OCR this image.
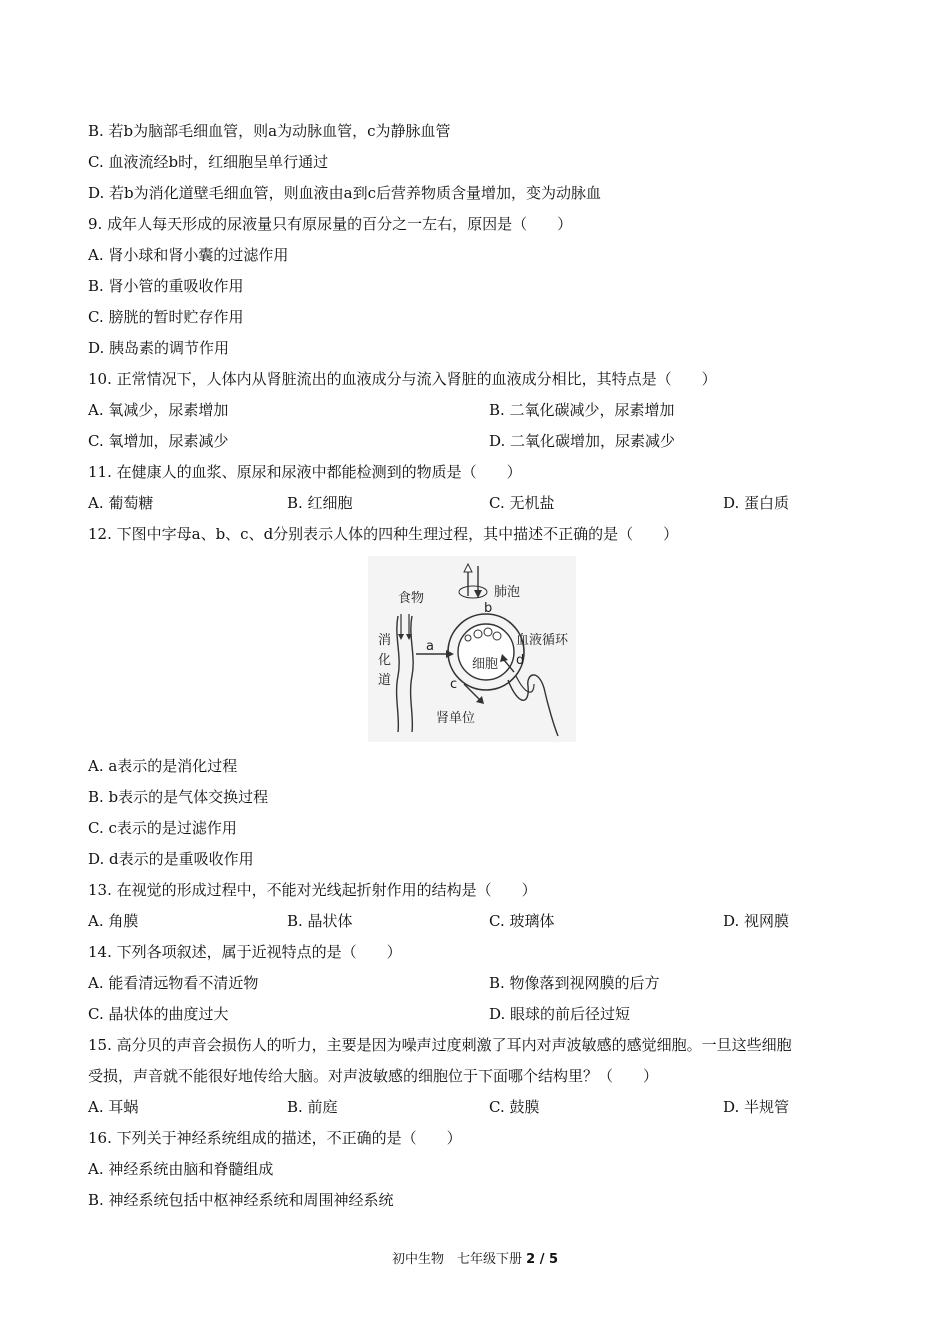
B. 若b为脑部毛细血管，则a为动脉血管，c为静脉血管
C. 血液流经b时，红细胞呈单行通过
D. 若b为消化道壁毛细血管，则血液由a到c后营养物质含量增加，变为动脉血
9. 成年人每天形成的尿液量只有原尿量的百分之一左右，原因是（　　）
A. 肾小球和肾小囊的过滤作用
B. 肾小管的重吸收作用
C. 膀胱的暂时贮存作用
D. 胰岛素的调节作用
10. 正常情况下，人体内从肾脏流出的血液成分与流入肾脏的血液成分相比，其特点是（　　）
A. 氧减少，尿素增加	B. 二氧化碳减少，尿素增加
C. 氧增加，尿素减少	D. 二氧化碳增加，尿素减少
11. 在健康人的血浆、原尿和尿液中都能检测到的物质是（　　）
A. 葡萄糖	B. 红细胞	C. 无机盐	D. 蛋白质
12. 下图中字母a、b、c、d分别表示人体的四种生理过程，其中描述不正确的是（　　）
食物	肺泡
消
化
道
血液循环
细胞
肾单位
a
b
c
d
A. a表示的是消化过程
B. b表示的是气体交换过程
C. c表示的是过滤作用
D. d表示的是重吸收作用
13. 在视觉的形成过程中，不能对光线起折射作用的结构是（　　）
A. 角膜	B. 晶状体	C. 玻璃体	D. 视网膜
14. 下列各项叙述，属于近视特点的是（　　）
A. 能看清远物看不清近物	B. 物像落到视网膜的后方
C. 晶状体的曲度过大	D. 眼球的前后径过短
15. 高分贝的声音会损伤人的听力，主要是因为噪声过度刺激了耳内对声波敏感的感觉细胞。一旦这些细胞
受损，声音就不能很好地传给大脑。对声波敏感的细胞位于下面哪个结构里？（　　）
A. 耳蜗	B. 前庭	C. 鼓膜	D. 半规管
16. 下列关于神经系统组成的描述，不正确的是（　　）
A. 神经系统由脑和脊髓组成
B. 神经系统包括中枢神经系统和周围神经系统
初中生物　七年级下册 2 / 5
